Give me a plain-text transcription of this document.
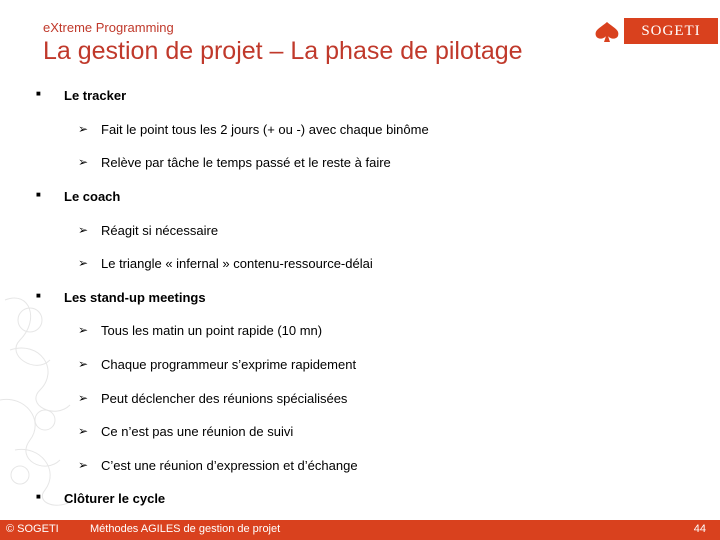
eXtreme Programming
La gestion de projet – La phase de pilotage
SOGETI
■ Le tracker
➢ Fait le point tous les 2 jours (+ ou -) avec chaque binôme
➢ Relève par tâche le temps passé et le reste à faire
■ Le coach
➢ Réagit si nécessaire
➢ Le triangle « infernal » contenu-ressource-délai
■ Les stand-up meetings
➢ Tous les matin un point rapide (10 mn)
➢ Chaque programmeur s’exprime rapidement
➢ Peut déclencher des réunions spécialisées
➢ Ce n’est pas une réunion de suivi
➢ C’est une réunion d’expression et d’échange
■ Clôturer le cycle
© SOGETI	Méthodes AGILES de gestion de projet	44
